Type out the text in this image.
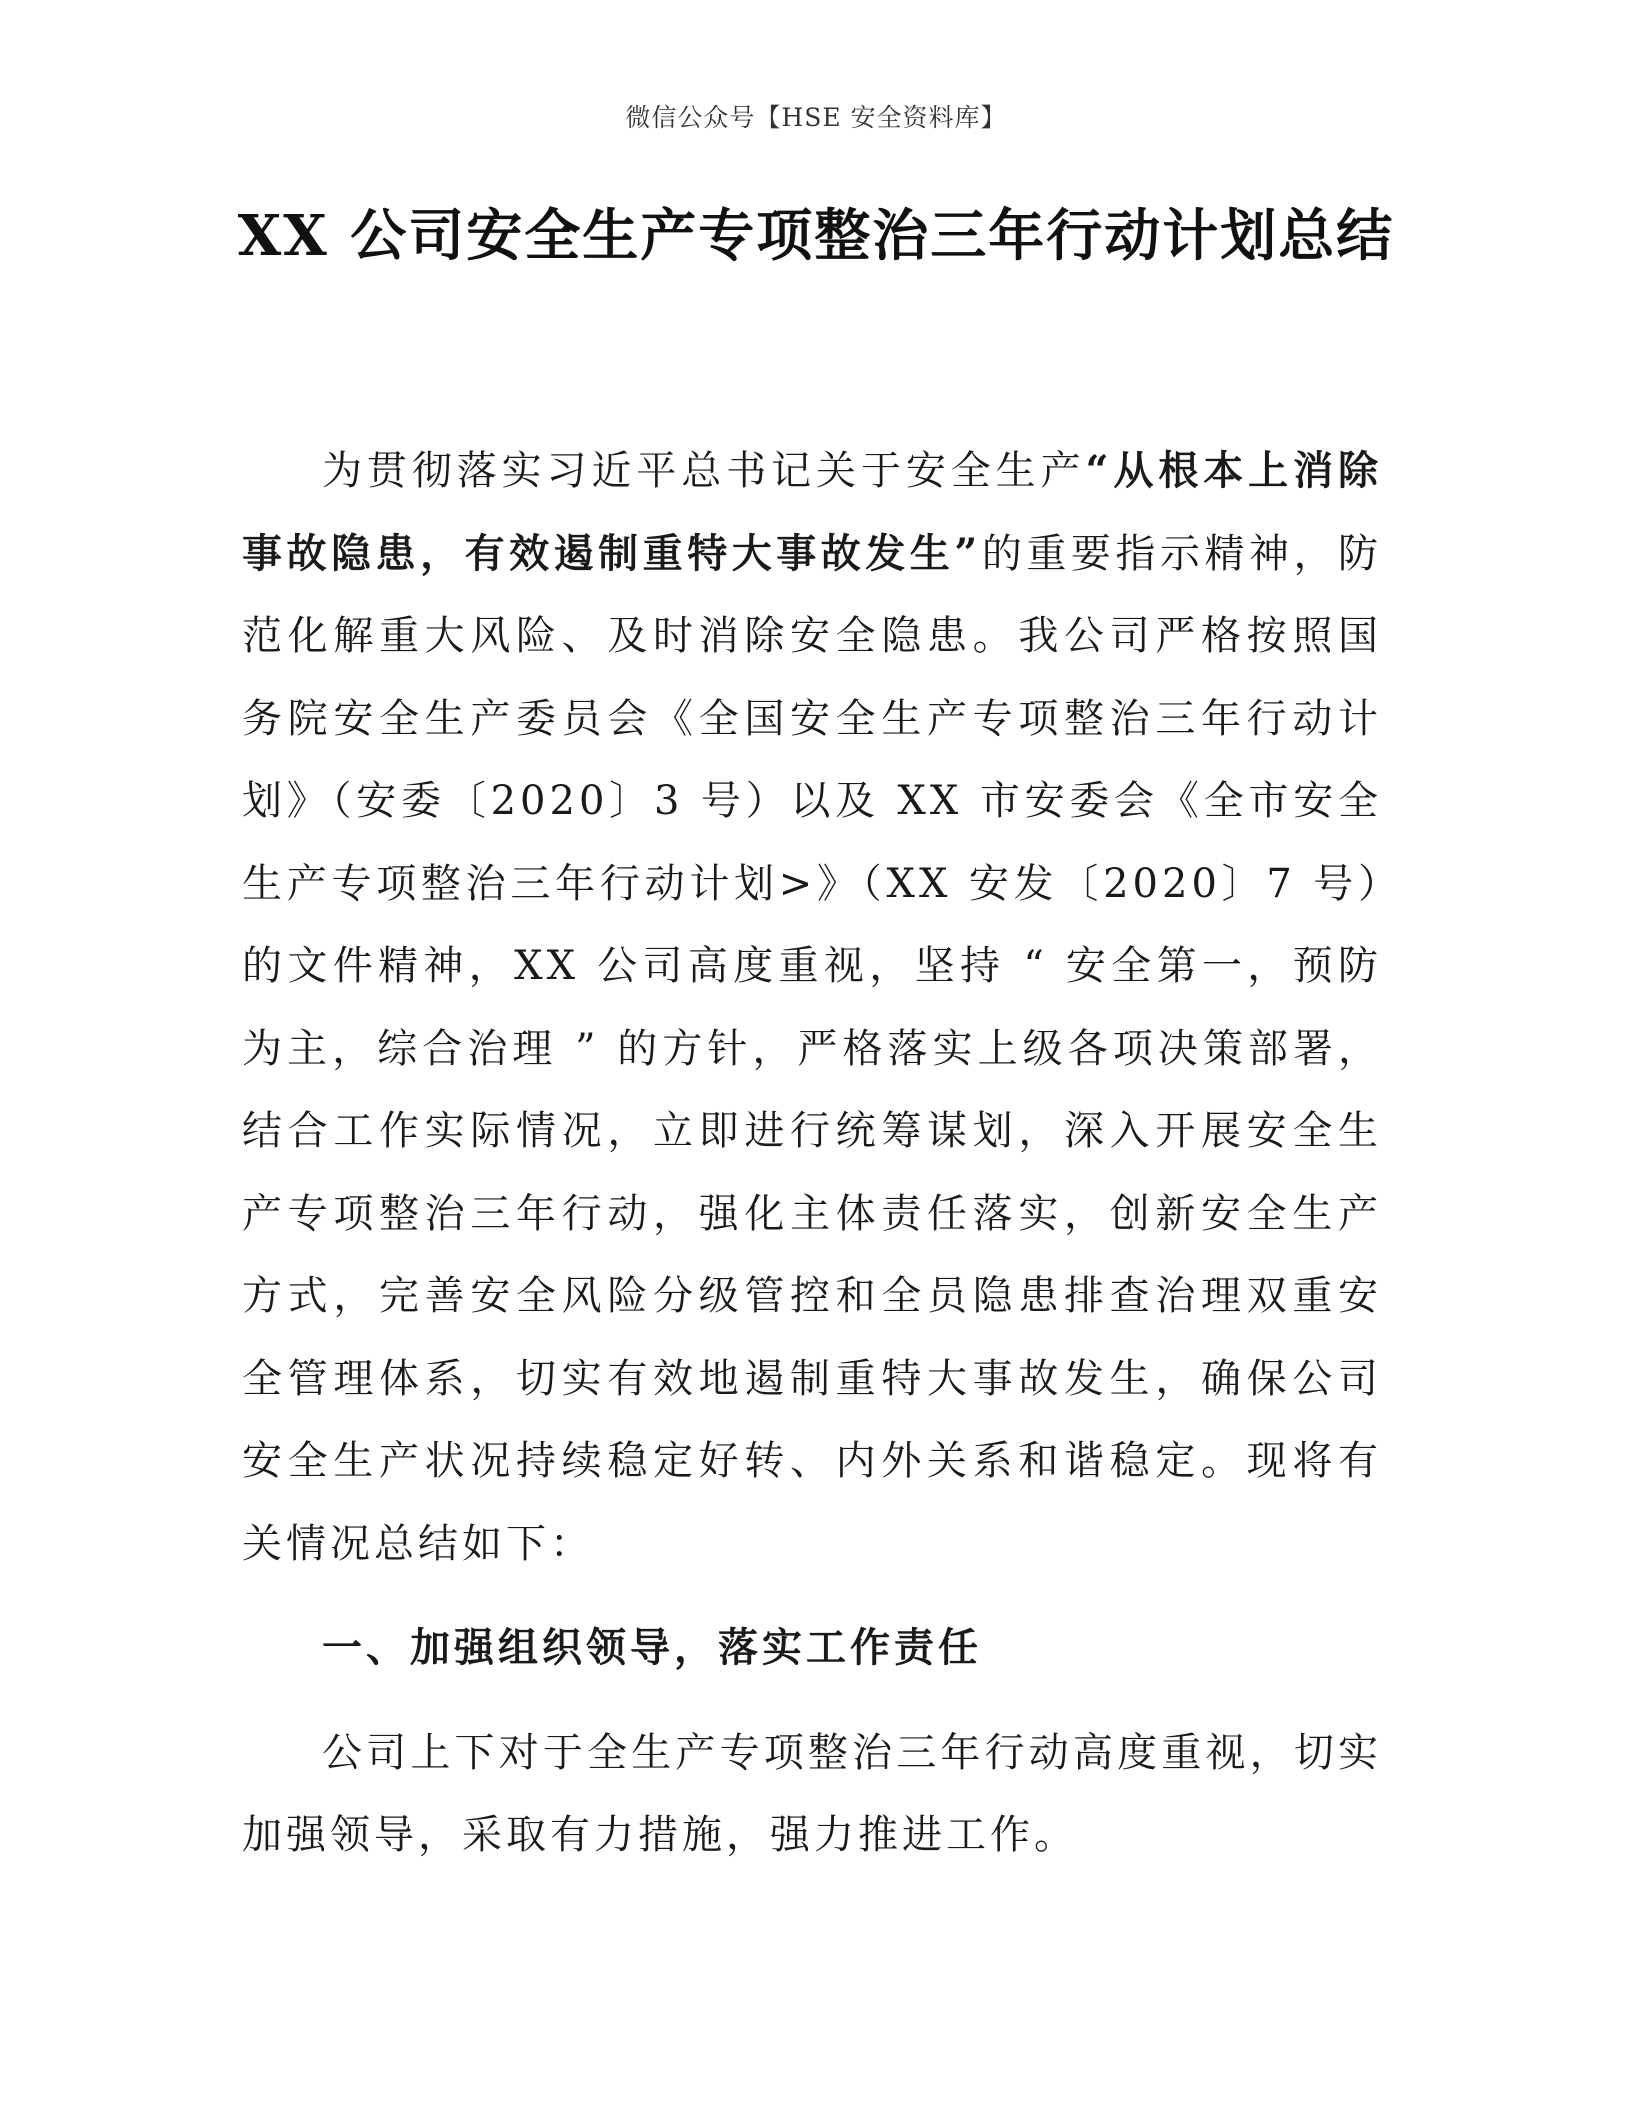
微信公众号【HSE 安全资料库】
XX 公司安全生产专项整治三年行动计划总结

为贯彻落实习近平总书记关于安全生产“从根本上消除事故隐患，有效遏制重特大事故发生”的重要指示精神，防范化解重大风险、及时消除安全隐患。我公司严格按照国务院安全生产委员会《全国安全生产专项整治三年行动计划》（安委〔2020〕3 号）以及 XX 市安委会《全市安全生产专项整治三年行动计划>》（XX 安发〔2020〕7 号）的文件精神，XX 公司高度重视，坚持 “ 安全第一，预防为主，综合治理 ” 的方针，严格落实上级各项决策部署，结合工作实际情况，立即进行统筹谋划，深入开展安全生产专项整治三年行动，强化主体责任落实，创新安全生产方式，完善安全风险分级管控和全员隐患排查治理双重安全管理体系，切实有效地遏制重特大事故发生，确保公司安全生产状况持续稳定好转、内外关系和谐稳定。现将有关情况总结如下：

一、加强组织领导，落实工作责任

公司上下对于全生产专项整治三年行动高度重视，切实加强领导，采取有力措施，强力推进工作。
